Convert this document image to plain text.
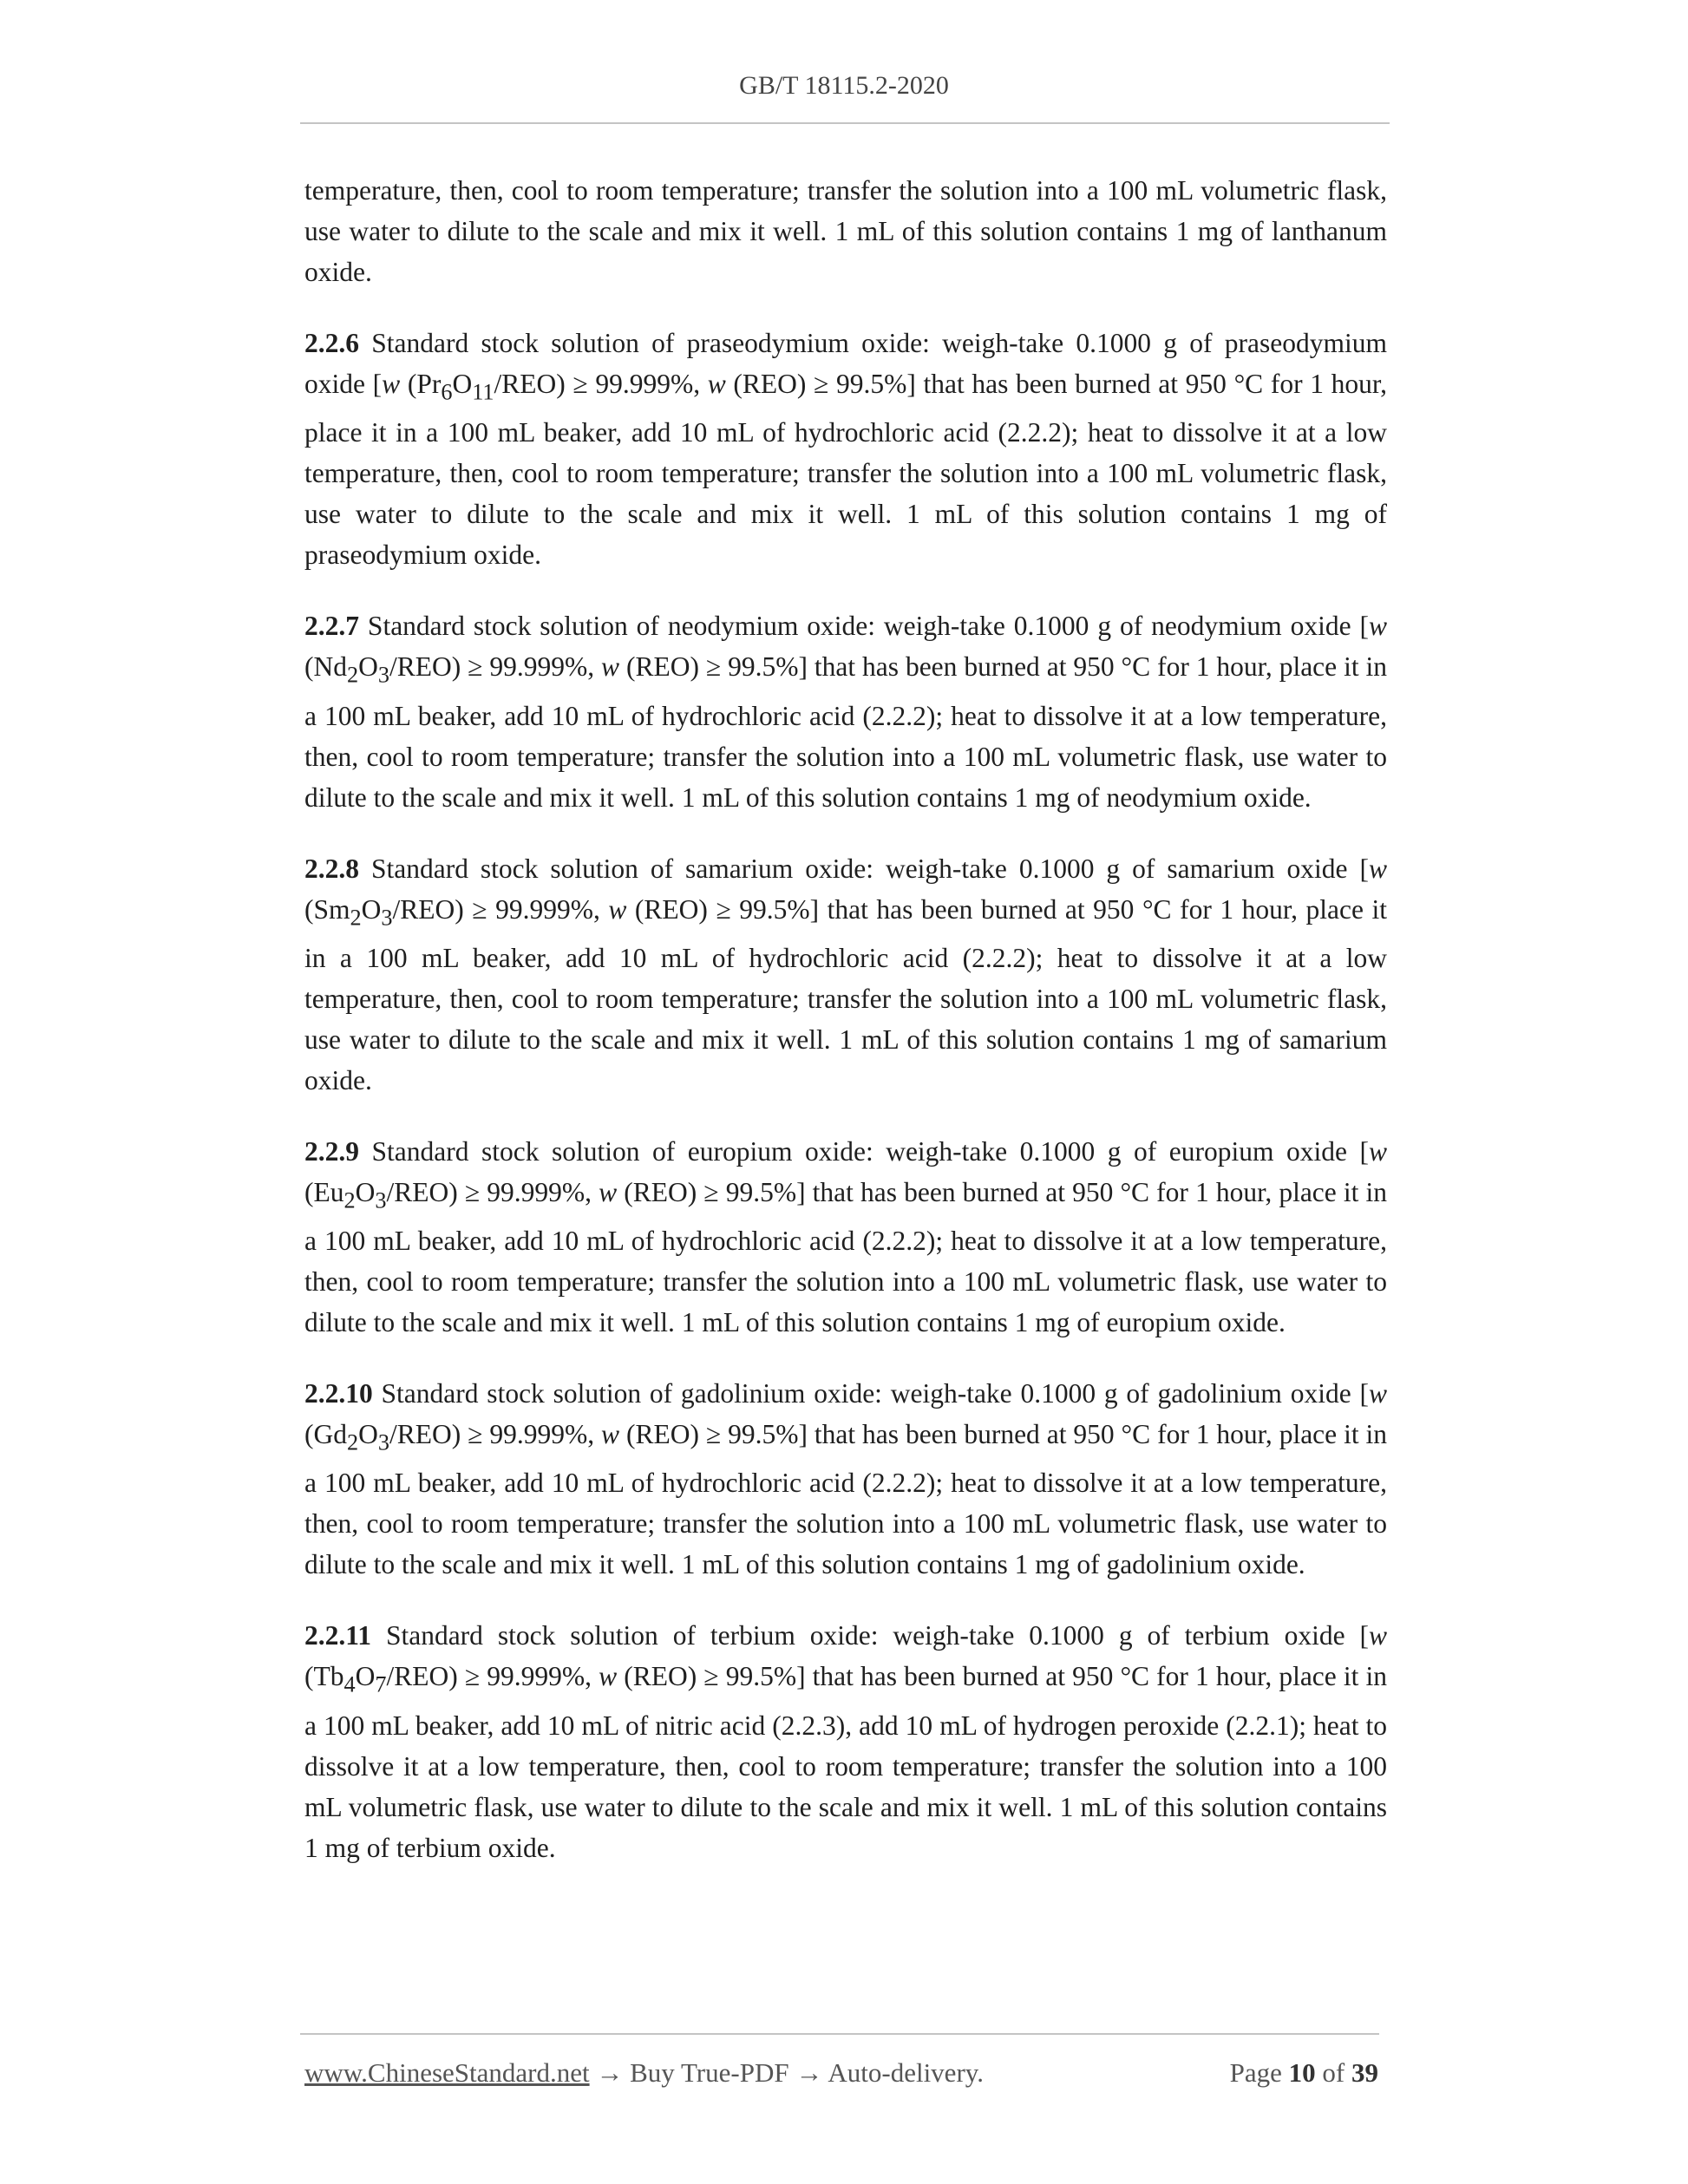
GB/T 18115.2-2020

temperature, then, cool to room temperature; transfer the solution into a 100 mL volumetric flask, use water to dilute to the scale and mix it well. 1 mL of this solution contains 1 mg of lanthanum oxide.

2.2.6 Standard stock solution of praseodymium oxide: weigh-take 0.1000 g of praseodymium oxide [w $(Pr_6O_{11}/REO) \ge 99.999\%$, w (REO) ≥ 99.5%] that has been burned at 950 °C for 1 hour, place it in a 100 mL beaker, add 10 mL of hydrochloric acid (2.2.2); heat to dissolve it at a low temperature, then, cool to room temperature; transfer the solution into a 100 mL volumetric flask, use water to dilute to the scale and mix it well. 1 mL of this solution contains 1 mg of praseodymium oxide.

2.2.7 Standard stock solution of neodymium oxide: weigh-take 0.1000 g of neodymium oxide [w $(Nd_2O_3/REO) \ge 99.999\%$, w (REO) ≥ 99.5%] that has been burned at 950 °C for 1 hour, place it in a 100 mL beaker, add 10 mL of hydrochloric acid (2.2.2); heat to dissolve it at a low temperature, then, cool to room temperature; transfer the solution into a 100 mL volumetric flask, use water to dilute to the scale and mix it well. 1 mL of this solution contains 1 mg of neodymium oxide.

2.2.8 Standard stock solution of samarium oxide: weigh-take 0.1000 g of samarium oxide [w $(Sm_2O_3/REO) \ge 99.999\%$, w (REO) ≥ 99.5%] that has been burned at 950 °C for 1 hour, place it in a 100 mL beaker, add 10 mL of hydrochloric acid (2.2.2); heat to dissolve it at a low temperature, then, cool to room temperature; transfer the solution into a 100 mL volumetric flask, use water to dilute to the scale and mix it well. 1 mL of this solution contains 1 mg of samarium oxide.

2.2.9 Standard stock solution of europium oxide: weigh-take 0.1000 g of europium oxide [w $(Eu_2O_3/REO) \ge 99.999\%$, w (REO) ≥ 99.5%] that has been burned at 950 °C for 1 hour, place it in a 100 mL beaker, add 10 mL of hydrochloric acid (2.2.2); heat to dissolve it at a low temperature, then, cool to room temperature; transfer the solution into a 100 mL volumetric flask, use water to dilute to the scale and mix it well. 1 mL of this solution contains 1 mg of europium oxide.

2.2.10 Standard stock solution of gadolinium oxide: weigh-take 0.1000 g of gadolinium oxide [w $(Gd_2O_3/REO) \ge 99.999\%$, w (REO) ≥ 99.5%] that has been burned at 950 °C for 1 hour, place it in a 100 mL beaker, add 10 mL of hydrochloric acid (2.2.2); heat to dissolve it at a low temperature, then, cool to room temperature; transfer the solution into a 100 mL volumetric flask, use water to dilute to the scale and mix it well. 1 mL of this solution contains 1 mg of gadolinium oxide.

2.2.11 Standard stock solution of terbium oxide: weigh-take 0.1000 g of terbium oxide [w $(Tb_4O_7/REO) \ge 99.999\%$, w (REO) ≥ 99.5%] that has been burned at 950 °C for 1 hour, place it in a 100 mL beaker, add 10 mL of nitric acid (2.2.3), add 10 mL of hydrogen peroxide (2.2.1); heat to dissolve it at a low temperature, then, cool to room temperature; transfer the solution into a 100 mL volumetric flask, use water to dilute to the scale and mix it well. 1 mL of this solution contains 1 mg of terbium oxide.

www.ChineseStandard.net → Buy True-PDF → Auto-delivery.	Page 10 of 39
